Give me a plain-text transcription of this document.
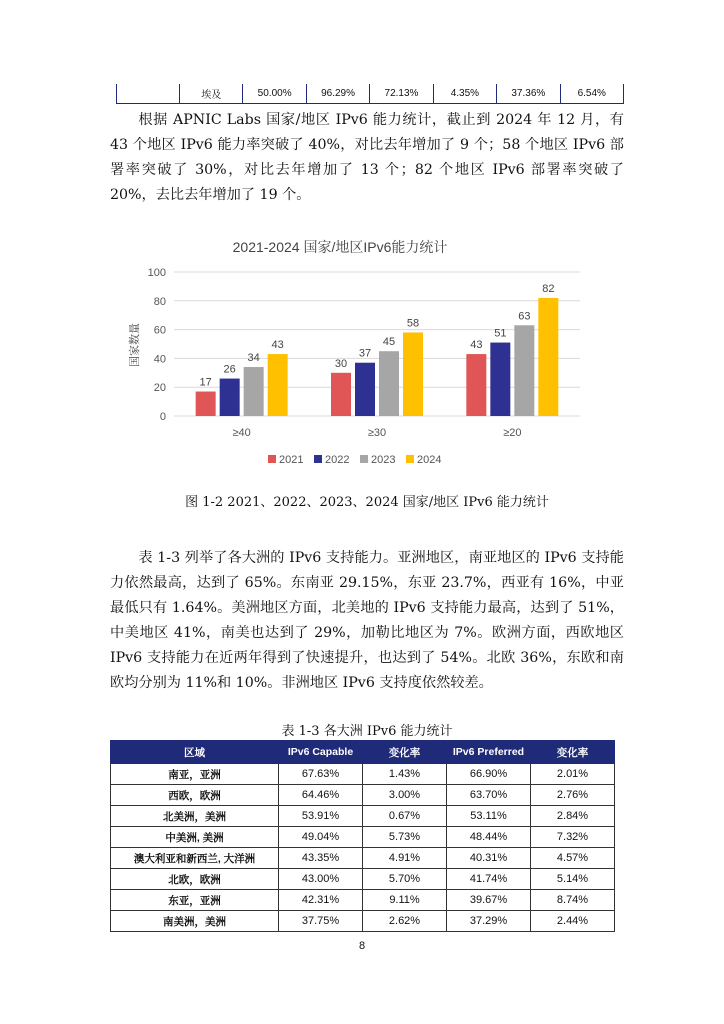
	埃及	50.00%	96.29%	72.13%	4.35%	37.36%	6.54%

根据 APNIC Labs 国家/地区 IPv6 能力统计，截止到 2024 年 12 月，有 43 个地区 IPv6 能力率突破了 40%，对比去年增加了 9 个；58 个地区 IPv6 部署率突破了 30%，对比去年增加了 13 个；82 个地区 IPv6 部署率突破了 20%，去比去年增加了 19 个。

2021-2024 国家/地区IPv6能力统计
0
20
40
60
80
100
17
26
34
43
≥40
30
37
45
58
≥30
43
51
63
82
≥20
国家数量
2021 2022 2023 2024

图 1-2 2021、2022、2023、2024 国家/地区 IPv6 能力统计

表 1-3 列举了各大洲的 IPv6 支持能力。亚洲地区，南亚地区的 IPv6 支持能力依然最高，达到了 65%。东南亚 29.15%，东亚 23.7%，西亚有 16%，中亚最低只有 1.64%。美洲地区方面，北美地的 IPv6 支持能力最高，达到了 51%，中美地区 41%，南美也达到了 29%，加勒比地区为 7%。欧洲方面，西欧地区 IPv6 支持能力在近两年得到了快速提升，也达到了 54%。北欧 36%，东欧和南欧均分别为 11%和 10%。非洲地区 IPv6 支持度依然较差。

表 1-3 各大洲 IPv6 能力统计

区域	IPv6 Capable	变化率	IPv6 Preferred	变化率
南亚，亚洲	67.63%	1.43%	66.90%	2.01%
西欧，欧洲	64.46%	3.00%	63.70%	2.76%
北美洲，美洲	53.91%	0.67%	53.11%	2.84%
中美洲, 美洲	49.04%	5.73%	48.44%	7.32%
澳大利亚和新西兰, 大洋洲	43.35%	4.91%	40.31%	4.57%
北欧，欧洲	43.00%	5.70%	41.74%	5.14%
东亚，亚洲	42.31%	9.11%	39.67%	8.74%
南美洲，美洲	37.75%	2.62%	37.29%	2.44%
8
